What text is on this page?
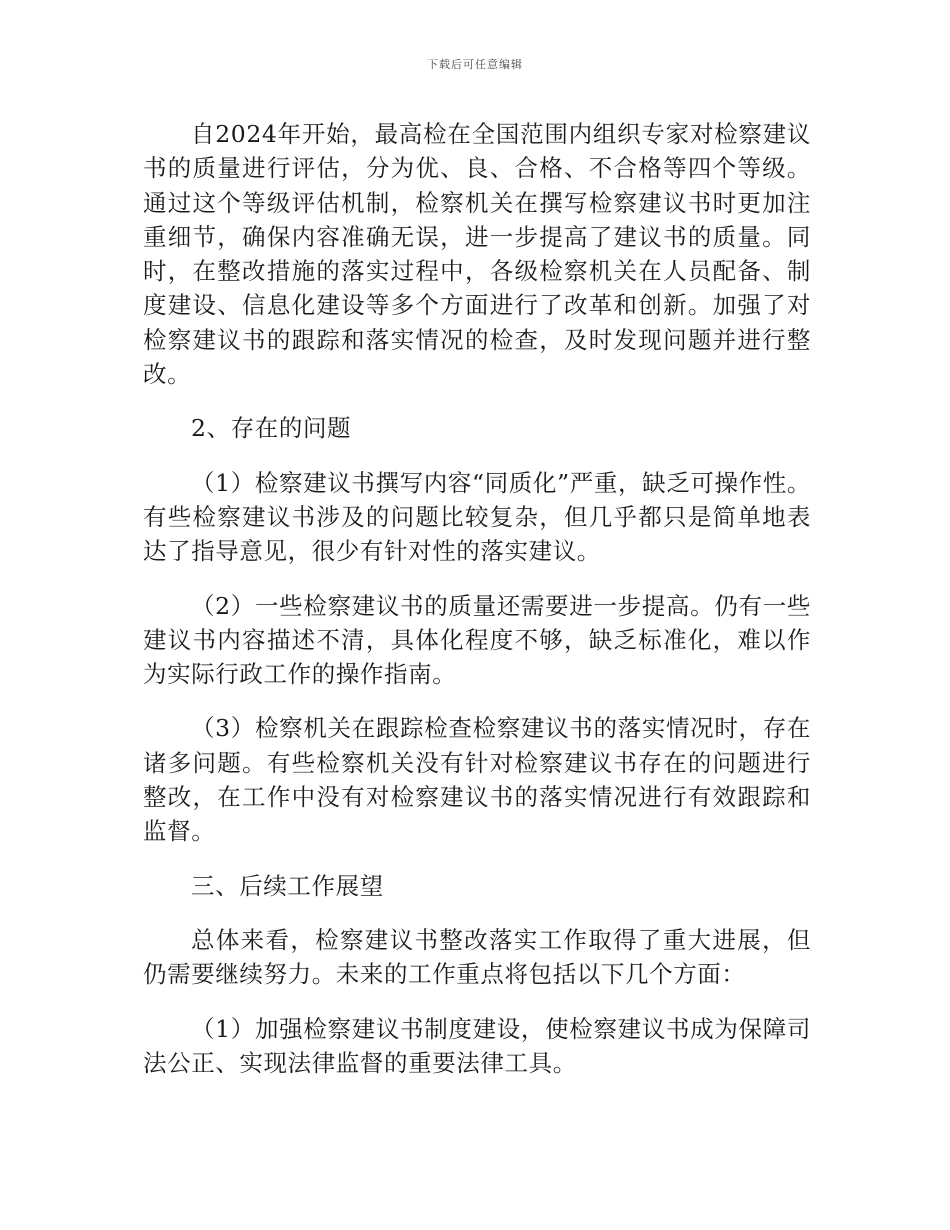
下载后可任意编辑

自2024年开始，最高检在全国范围内组织专家对检察建议书的质量进行评估，分为优、良、合格、不合格等四个等级。通过这个等级评估机制，检察机关在撰写检察建议书时更加注重细节，确保内容准确无误，进一步提高了建议书的质量。同时，在整改措施的落实过程中，各级检察机关在人员配备、制度建设、信息化建设等多个方面进行了改革和创新。加强了对检察建议书的跟踪和落实情况的检查，及时发现问题并进行整改。

2、存在的问题

（1）检察建议书撰写内容“同质化”严重，缺乏可操作性。有些检察建议书涉及的问题比较复杂，但几乎都只是简单地表达了指导意见，很少有针对性的落实建议。

（2）一些检察建议书的质量还需要进一步提高。仍有一些建议书内容描述不清，具体化程度不够，缺乏标准化，难以作为实际行政工作的操作指南。

（3）检察机关在跟踪检查检察建议书的落实情况时，存在诸多问题。有些检察机关没有针对检察建议书存在的问题进行整改，在工作中没有对检察建议书的落实情况进行有效跟踪和监督。

三、后续工作展望

总体来看，检察建议书整改落实工作取得了重大进展，但仍需要继续努力。未来的工作重点将包括以下几个方面：

（1）加强检察建议书制度建设，使检察建议书成为保障司法公正、实现法律监督的重要法律工具。
